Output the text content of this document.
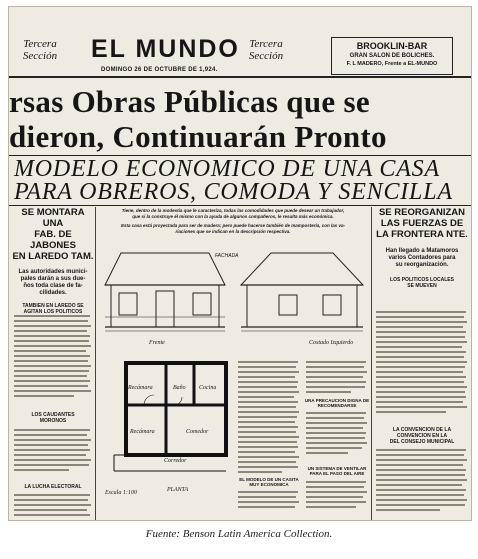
Tercera Sección	EL MUNDO Tercera Sección
DOMINGO 26 DE OCTUBRE DE 1,924.
BROOKLIN-BAR
GRAN SALON DE BOLICHES.
F. L MADERO, Frente a EL-MUNDO
rsas Obras Públicas que se
dieron, Continuarán Pronto
MODELO ECONOMICO DE UNA CASA
PARA OBREROS, COMODA Y SENCILLA
SE MONTARA UNA
FAB. DE JABONES
EN LAREDO TAM.
Las autoridades munici-
pales darán a sus due-
ños toda clase de fa-
cilidades.
TAMBIEN EN LAREDO SE
AGITAN LOS POLITICOS
LOS CAUDANTES
MORONOS
LA LUCHA ELECTORAL
Tiene, dentro de la modestia que le caracteriza, todas las comodidades que puede desear un trabajador,
que si la construye él mismo con la ayuda de algunos compañeros, le resulta más económica.
Esta casa está proyectada para ser de madera; pero puede hacerse también de mampostería, con las va-
riaciones que se indican en la descripción respectiva.
FACHADA
Frente	Costado Izquierdo
Recámara	Baño Cocina
Recámara	Comedor
Corredor
PLANTA
Escala 1:100
EL MODELO DE UN CASITA MUY ECONOMICA
UNA PRECAUCION DIGNA DE RECOMENDARSE
UN SISTEMA DE VENTILAR PARA EL PASO DEL AIRE
SE REORGANIZAN
LAS FUERZAS DE
LA FRONTERA NTE.
Han llegado a Matamoros
varios Contadores para
su reorganización.
LOS POLITICOS LOCALES
SE MUEVEN
LA CONVENCION DE LA
CONVENCION EN LA
DEL CONSEJO MUNICIPAL
Fuente: Benson Latin America Collection.
